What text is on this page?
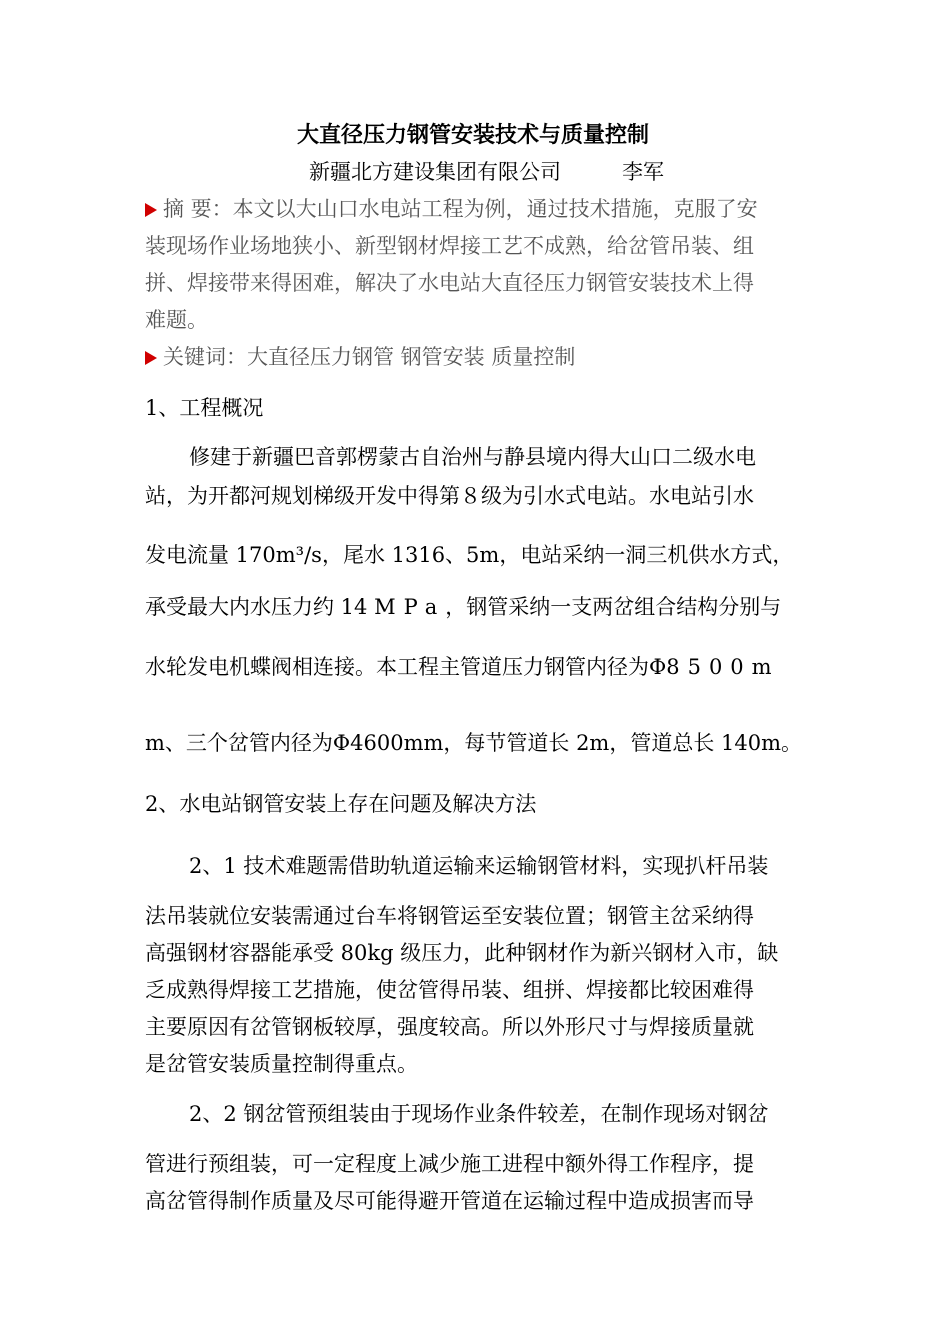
大直径压力钢管安装技术与质量控制
新疆北方建设集团有限公司	李军
摘 要：本文以大山口水电站工程为例，通过技术措施，克服了安
装现场作业场地狭小、新型钢材焊接工艺不成熟，给岔管吊装、组
拼、焊接带来得困难，解决了水电站大直径压力钢管安装技术上得
难题。
关键词：大直径压力钢管 钢管安装 质量控制
1、工程概况
修建于新疆巴音郭楞蒙古自治州与静县境内得大山口二级水电
站，为开都河规划梯级开发中得第８级为引水式电站。水电站引水
发电流量 170m³/s，尾水 1316、5m，电站采纳一洞三机供水方式，
承受最大内水压力约 14 MPa，钢管采纳一支两岔组合结构分别与
水轮发电机蝶阀相连接。本工程主管道压力钢管内径为Φ8500m
m、三个岔管内径为Φ4600mm，每节管道长 2m，管道总长 140m。
2、水电站钢管安装上存在问题及解决方法
2、1 技术难题需借助轨道运输来运输钢管材料，实现扒杆吊装
法吊装就位安装需通过台车将钢管运至安装位置；钢管主岔采纳得
高强钢材容器能承受 80kg 级压力，此种钢材作为新兴钢材入市，缺
乏成熟得焊接工艺措施，使岔管得吊装、组拼、焊接都比较困难得
主要原因有岔管钢板较厚，强度较高。所以外形尺寸与焊接质量就
是岔管安装质量控制得重点。
2、2 钢岔管预组装由于现场作业条件较差，在制作现场对钢岔
管进行预组装，可一定程度上减少施工进程中额外得工作程序，提
高岔管得制作质量及尽可能得避开管道在运输过程中造成损害而导
